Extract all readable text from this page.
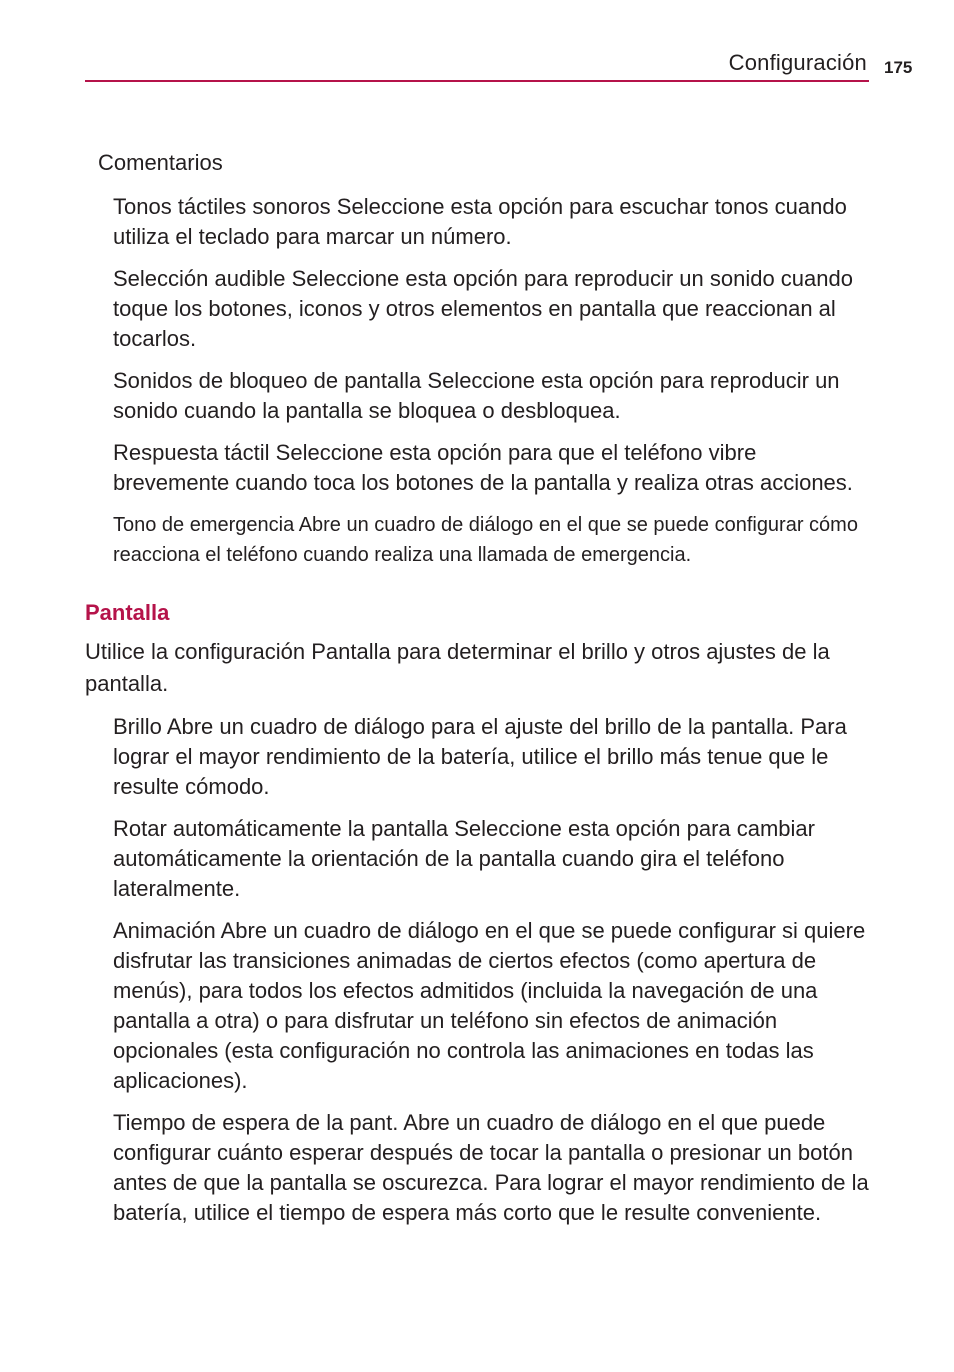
Configuración 175

Comentarios

Tonos táctiles sonoros Seleccione esta opción para escuchar tonos cuando utiliza el teclado para marcar un número.

Selección audible Seleccione esta opción para reproducir un sonido cuando toque los botones, iconos y otros elementos en pantalla que reaccionan al tocarlos.

Sonidos de bloqueo de pantalla Seleccione esta opción para reproducir un sonido cuando la pantalla se bloquea o desbloquea.

Respuesta táctil Seleccione esta opción para que el teléfono vibre brevemente cuando toca los botones de la pantalla y realiza otras acciones.

Tono de emergencia Abre un cuadro de diálogo en el que se puede configurar cómo reacciona el teléfono cuando realiza una llamada de emergencia.

Pantalla

Utilice la configuración Pantalla para determinar el brillo y otros ajustes de la pantalla.

Brillo Abre un cuadro de diálogo para el ajuste del brillo de la pantalla. Para lograr el mayor rendimiento de la batería, utilice el brillo más tenue que le resulte cómodo.

Rotar automáticamente la pantalla Seleccione esta opción para cambiar automáticamente la orientación de la pantalla cuando gira el teléfono lateralmente.

Animación Abre un cuadro de diálogo en el que se puede configurar si quiere disfrutar las transiciones animadas de ciertos efectos (como apertura de menús), para todos los efectos admitidos (incluida la navegación de una pantalla a otra) o para disfrutar un teléfono sin efectos de animación opcionales (esta configuración no controla las animaciones en todas las aplicaciones).

Tiempo de espera de la pant. Abre un cuadro de diálogo en el que puede configurar cuánto esperar después de tocar la pantalla o presionar un botón antes de que la pantalla se oscurezca. Para lograr el mayor rendimiento de la batería, utilice el tiempo de espera más corto que le resulte conveniente.
